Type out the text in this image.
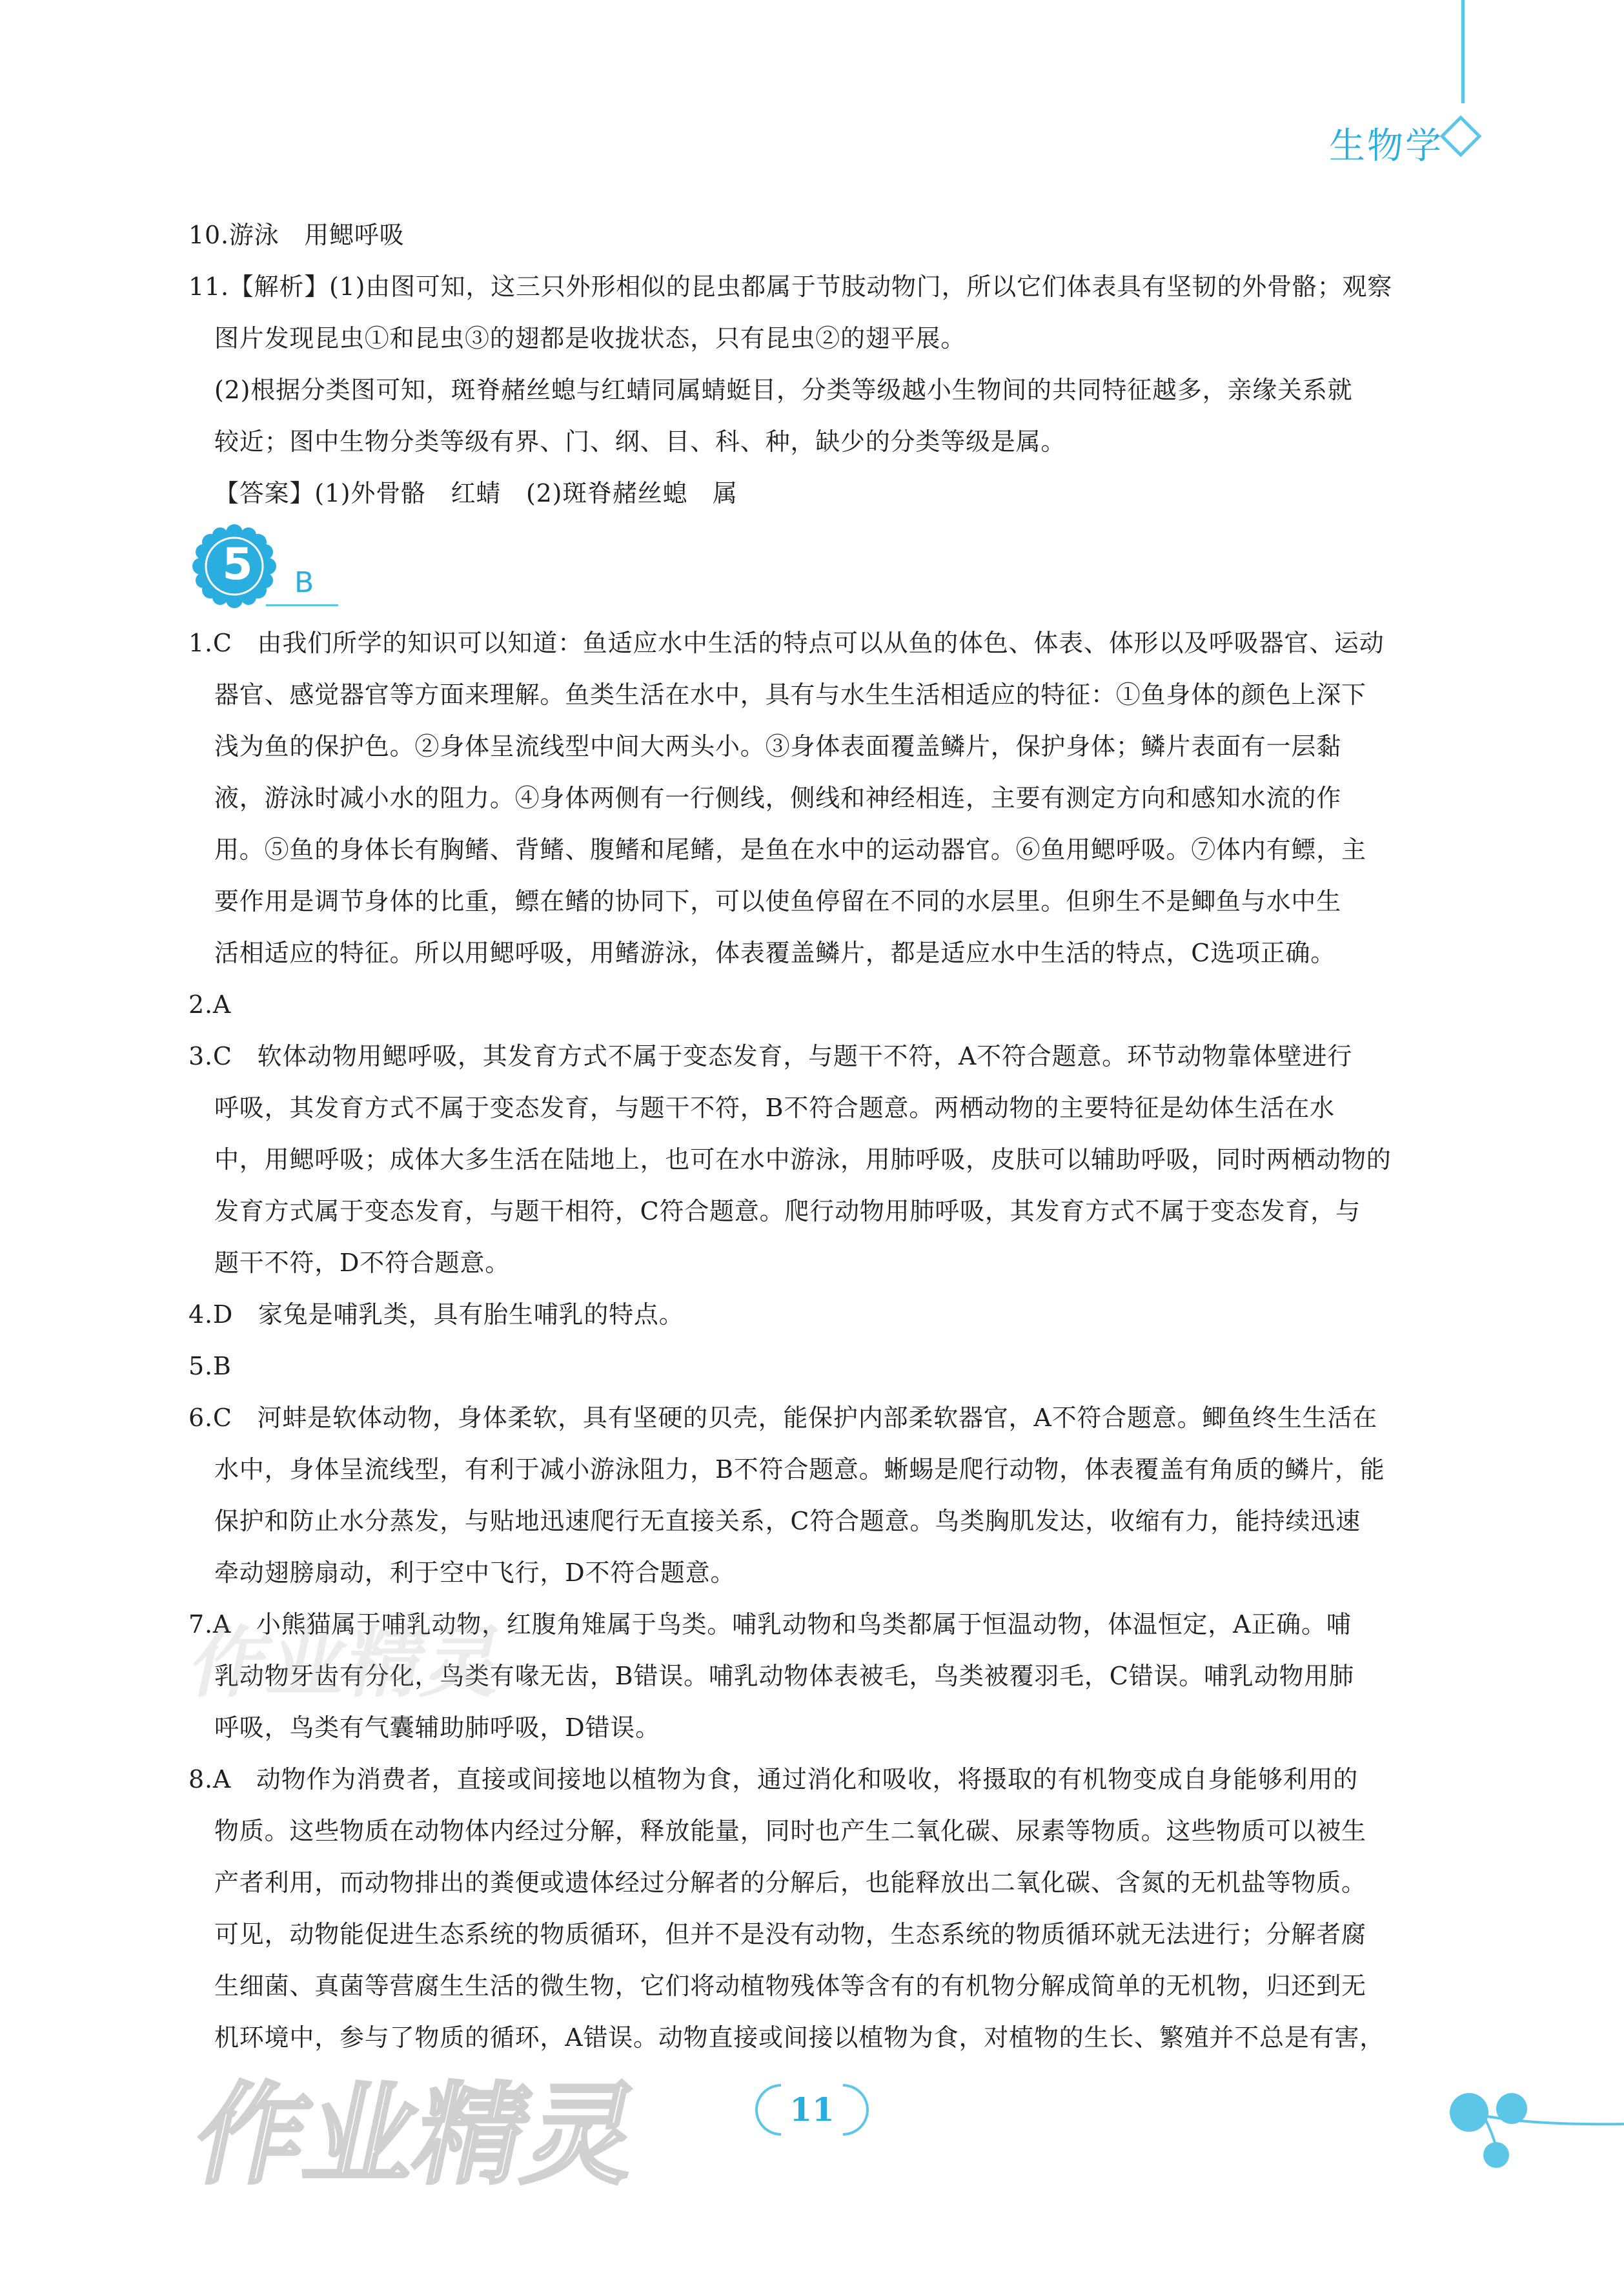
生物学
10.游泳　用鳃呼吸
11.【解析】(1)由图可知，这三只外形相似的昆虫都属于节肢动物门，所以它们体表具有坚韧的外骨骼；观察
图片发现昆虫①和昆虫③的翅都是收拢状态，只有昆虫②的翅平展。
(2)根据分类图可知，斑脊赭丝螅与红蜻同属蜻蜓目，分类等级越小生物间的共同特征越多，亲缘关系就
较近；图中生物分类等级有界、门、纲、目、科、种，缺少的分类等级是属。
【答案】(1)外骨骼　红蜻　(2)斑脊赭丝螅　属
5 B
1.C　由我们所学的知识可以知道：鱼适应水中生活的特点可以从鱼的体色、体表、体形以及呼吸器官、运动
器官、感觉器官等方面来理解。鱼类生活在水中，具有与水生生活相适应的特征：①鱼身体的颜色上深下
浅为鱼的保护色。②身体呈流线型中间大两头小。③身体表面覆盖鳞片，保护身体；鳞片表面有一层黏
液，游泳时减小水的阻力。④身体两侧有一行侧线，侧线和神经相连，主要有测定方向和感知水流的作
用。⑤鱼的身体长有胸鳍、背鳍、腹鳍和尾鳍，是鱼在水中的运动器官。⑥鱼用鳃呼吸。⑦体内有鳔，主
要作用是调节身体的比重，鳔在鳍的协同下，可以使鱼停留在不同的水层里。但卵生不是鲫鱼与水中生
活相适应的特征。所以用鳃呼吸，用鳍游泳，体表覆盖鳞片，都是适应水中生活的特点，C选项正确。
2.A
3.C　软体动物用鳃呼吸，其发育方式不属于变态发育，与题干不符，A不符合题意。环节动物靠体壁进行
呼吸，其发育方式不属于变态发育，与题干不符，B不符合题意。两栖动物的主要特征是幼体生活在水
中，用鳃呼吸；成体大多生活在陆地上，也可在水中游泳，用肺呼吸，皮肤可以辅助呼吸，同时两栖动物的
发育方式属于变态发育，与题干相符，C符合题意。爬行动物用肺呼吸，其发育方式不属于变态发育，与
题干不符，D不符合题意。
4.D　家兔是哺乳类，具有胎生哺乳的特点。
5.B
6.C　河蚌是软体动物，身体柔软，具有坚硬的贝壳，能保护内部柔软器官，A不符合题意。鲫鱼终生生活在
水中，身体呈流线型，有利于减小游泳阻力，B不符合题意。蜥蜴是爬行动物，体表覆盖有角质的鳞片，能
保护和防止水分蒸发，与贴地迅速爬行无直接关系，C符合题意。鸟类胸肌发达，收缩有力，能持续迅速
牵动翅膀扇动，利于空中飞行，D不符合题意。
7.A　小熊猫属于哺乳动物，红腹角雉属于鸟类。哺乳动物和鸟类都属于恒温动物，体温恒定，A正确。哺
乳动物牙齿有分化，鸟类有喙无齿，B错误。哺乳动物体表被毛，鸟类被覆羽毛，C错误。哺乳动物用肺
呼吸，鸟类有气囊辅助肺呼吸，D错误。
8.A　动物作为消费者，直接或间接地以植物为食，通过消化和吸收，将摄取的有机物变成自身能够利用的
物质。这些物质在动物体内经过分解，释放能量，同时也产生二氧化碳、尿素等物质。这些物质可以被生
产者利用，而动物排出的粪便或遗体经过分解者的分解后，也能释放出二氧化碳、含氮的无机盐等物质。
可见，动物能促进生态系统的物质循环，但并不是没有动物，生态系统的物质循环就无法进行；分解者腐
生细菌、真菌等营腐生生活的微生物，它们将动植物残体等含有的有机物分解成简单的无机物，归还到无
机环境中，参与了物质的循环，A错误。动物直接或间接以植物为食，对植物的生长、繁殖并不总是有害，
作业精灵
作业精灵	11
